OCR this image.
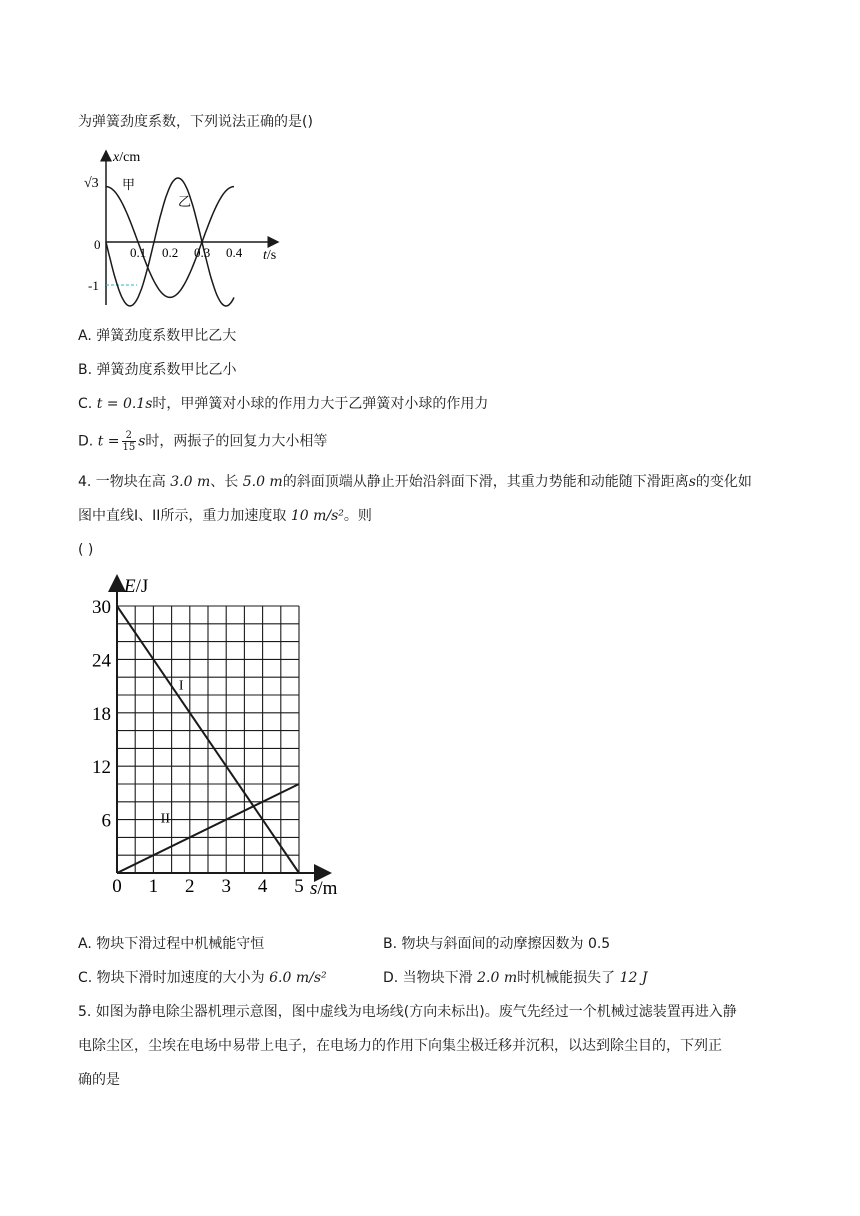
为弹簧劲度系数，下列说法正确的是()
x/cm
√3 甲
乙
0
-1
0.1 0.2 0.3 0.4 t/s
A. 弹簧劲度系数甲比乙大
B. 弹簧劲度系数甲比乙小
C. t = 0.1s时，甲弹簧对小球的作用力大于乙弹簧对小球的作用力
D. $t = \frac{2}{15}$ s时，两振子的回复力大小相等
4. 一物块在高 3.0 m、长 5.0 m的斜面顶端从静止开始沿斜面下滑，其重力势能和动能随下滑距离s的变化如
图中直线I、II所示，重力加速度取 10 m/s²。则
( )
I
II
0 1 2 3 4 5
6
12
18
24
30
E/J
s/m
A. 物块下滑过程中机械能守恒	B. 物块与斜面间的动摩擦因数为 0.5
C. 物块下滑时加速度的大小为 6.0 m/s²	D. 当物块下滑 2.0 m时机械能损失了 12 J
5. 如图为静电除尘器机理示意图，图中虚线为电场线(方向未标出)。废气先经过一个机械过滤装置再进入静
电除尘区，尘埃在电场中易带上电子，在电场力的作用下向集尘极迁移并沉积，以达到除尘目的，下列正
确的是
